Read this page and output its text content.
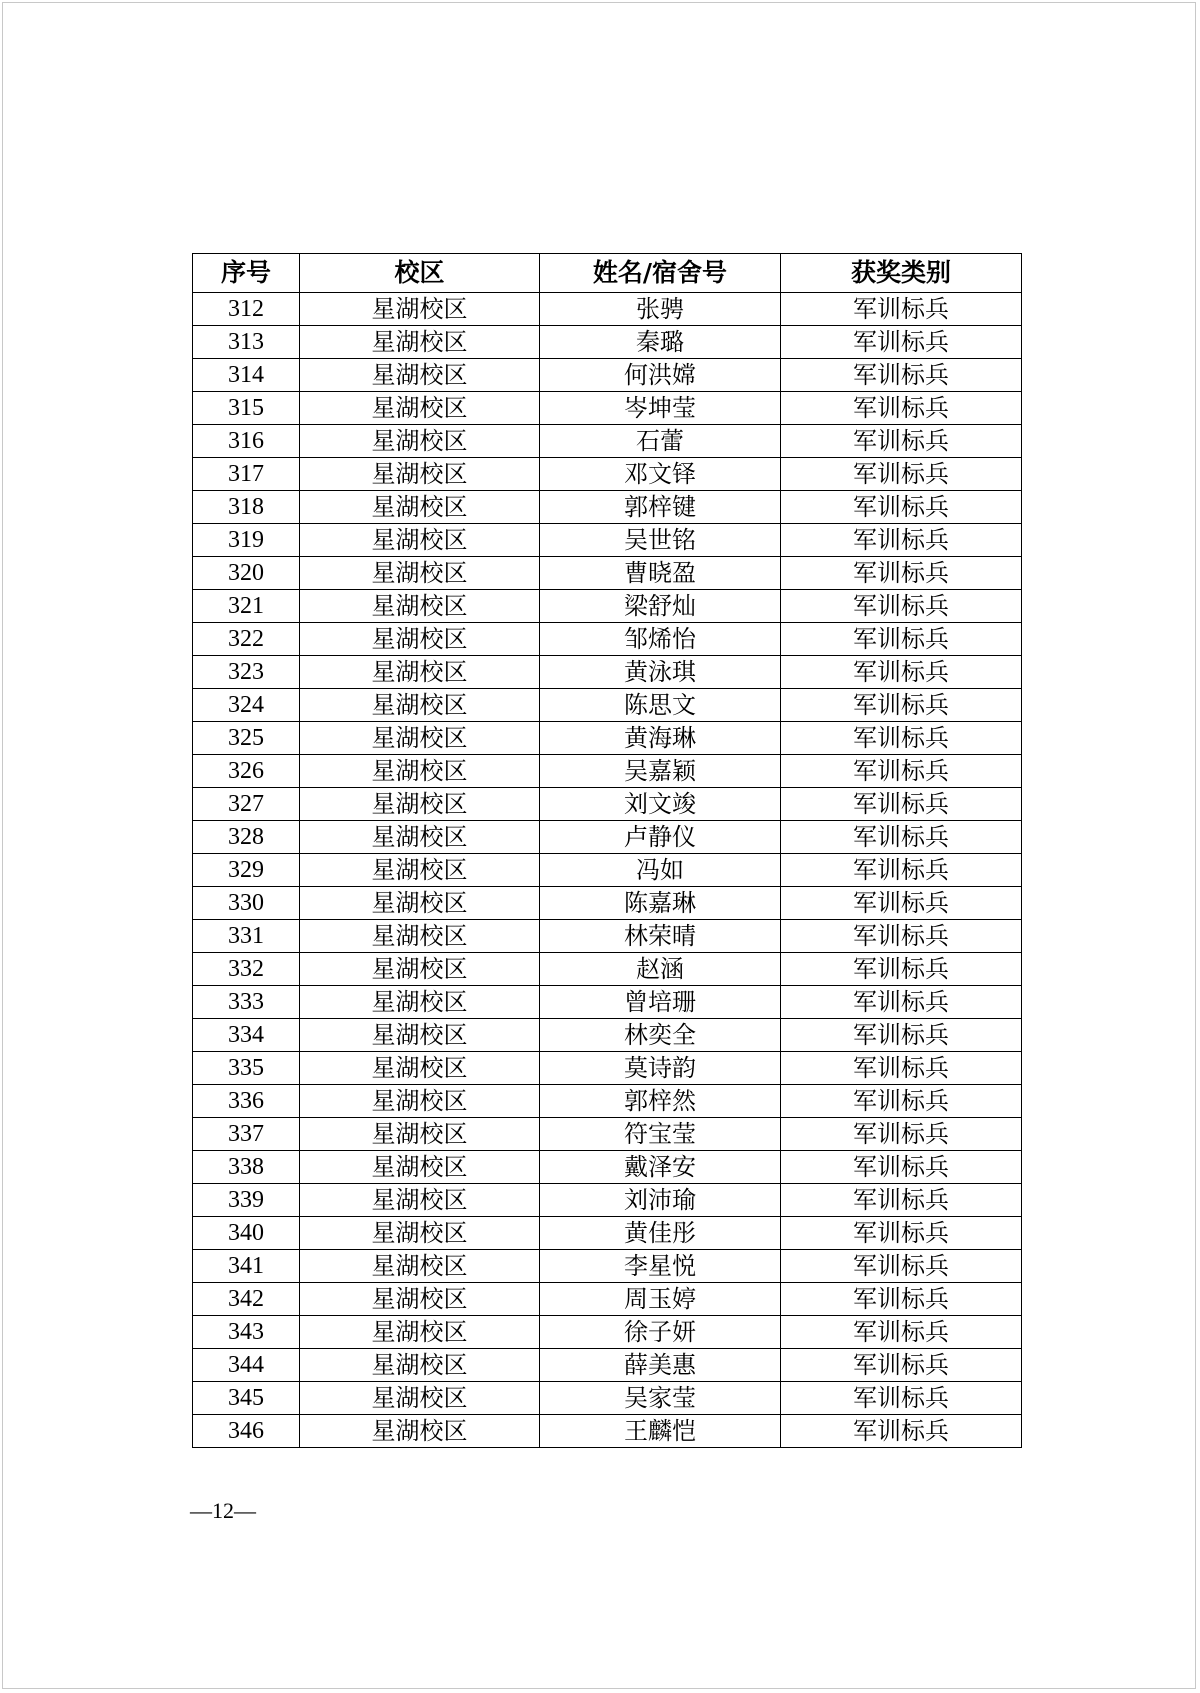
序号	校区	姓名/宿舍号	获奖类别
312	星湖校区	张骋	军训标兵
313	星湖校区	秦璐	军训标兵
314	星湖校区	何洪嫦	军训标兵
315	星湖校区	岑坤莹	军训标兵
316	星湖校区	石蕾	军训标兵
317	星湖校区	邓文铎	军训标兵
318	星湖校区	郭梓键	军训标兵
319	星湖校区	吴世铭	军训标兵
320	星湖校区	曹晓盈	军训标兵
321	星湖校区	梁舒灿	军训标兵
322	星湖校区	邹烯怡	军训标兵
323	星湖校区	黄泳琪	军训标兵
324	星湖校区	陈思文	军训标兵
325	星湖校区	黄海琳	军训标兵
326	星湖校区	吴嘉颖	军训标兵
327	星湖校区	刘文竣	军训标兵
328	星湖校区	卢静仪	军训标兵
329	星湖校区	冯如	军训标兵
330	星湖校区	陈嘉琳	军训标兵
331	星湖校区	林荣晴	军训标兵
332	星湖校区	赵涵	军训标兵
333	星湖校区	曾培珊	军训标兵
334	星湖校区	林奕全	军训标兵
335	星湖校区	莫诗韵	军训标兵
336	星湖校区	郭梓然	军训标兵
337	星湖校区	符宝莹	军训标兵
338	星湖校区	戴泽安	军训标兵
339	星湖校区	刘沛瑜	军训标兵
340	星湖校区	黄佳彤	军训标兵
341	星湖校区	李星悦	军训标兵
342	星湖校区	周玉婷	军训标兵
343	星湖校区	徐子妍	军训标兵
344	星湖校区	薛美惠	军训标兵
345	星湖校区	吴家莹	军训标兵
346	星湖校区	王麟恺	军训标兵
—12—
